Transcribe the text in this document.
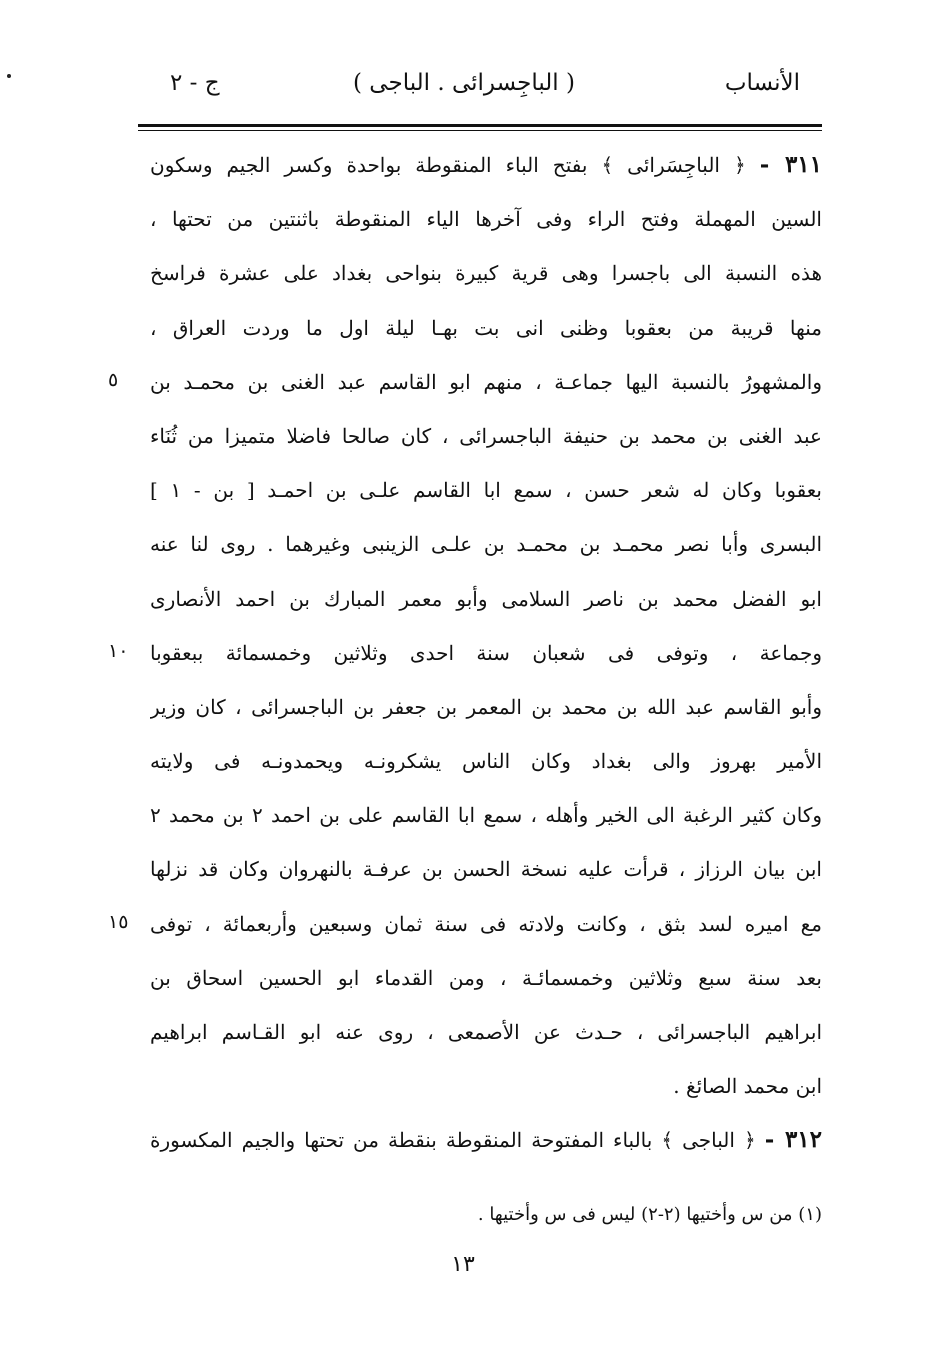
الأنساب
( الباجِسرائى . الباجى )
ج - ٢
٣١١ - ﴿ الباجِسَرائى ﴾ بفتح الباء المنقوطة بواحدة وكسر الجيم وسكون
السين المهملة وفتح الراء وفى آخرها الياء المنقوطة باثنتين من تحتها ،
هذه النسبة الى باجسرا وهى قرية كبيرة بنواحى بغداد على عشرة فراسخ
منها قريبة من بعقوبا وظنى انى بت بهـا ليلة اول ما وردت العراق ،
والمشهورُ بالنسبة اليها جماعـة ، منهم ابو القاسم عبد الغنى بن محمـد بن
عبد الغنى بن محمد بن حنيفة الباجسرائى ، كان صالحا فاضلا متميزا من ثُنَاء
بعقوبا وكان له شعر حسن ، سمع ابا القاسم علـى بن احمـد [ بن - ١ ]
البسرى وأبا نصر محمـد بن محمـد بن علـى الزينبى وغيرهما . روى لنا عنه
ابو الفضل محمد بن ناصر السلامى وأبو معمر المبارك بن احمد الأنصارى
وجماعة ، وتوفى فى شعبان سنة احدى وثلاثين وخمسمائة ببعقوبا
وأبو القاسم عبد الله بن محمد بن المعمر بن جعفر بن الباجسرائى ، كان وزير
الأمير بهروز والى بغداد وكان الناس يشكرونـه ويحمدونـه فى ولايته
وكان كثير الرغبة الى الخير وأهله ، سمع ابا القاسم على بن احمد ٢ بن محمد ٢
ابن بيان الرزاز ، قرأت عليه نسخة الحسن بن عرفـة بالنهروان وكان قد نزلها
مع اميره لسد بثق ، وكانت ولادته فى سنة ثمان وسبعين وأربعمائة ، توفى
بعد سنة سبع وثلاثين وخمسمائـة ، ومن القدماء ابو الحسين اسحاق بن
ابراهيم الباجسرائى ، حـدث عن الأصمعى ، روى عنه ابو القـاسم ابراهيم
ابن محمد الصائغ .
٣١٢ - ﴿ الباجى ﴾ بالباء المفتوحة المنقوطة بنقطة من تحتها والجيم المكسورة
(١) من س وأختيها (٢-٢) ليس فى س وأختيها .
١٣
٥
١٠
١٥
